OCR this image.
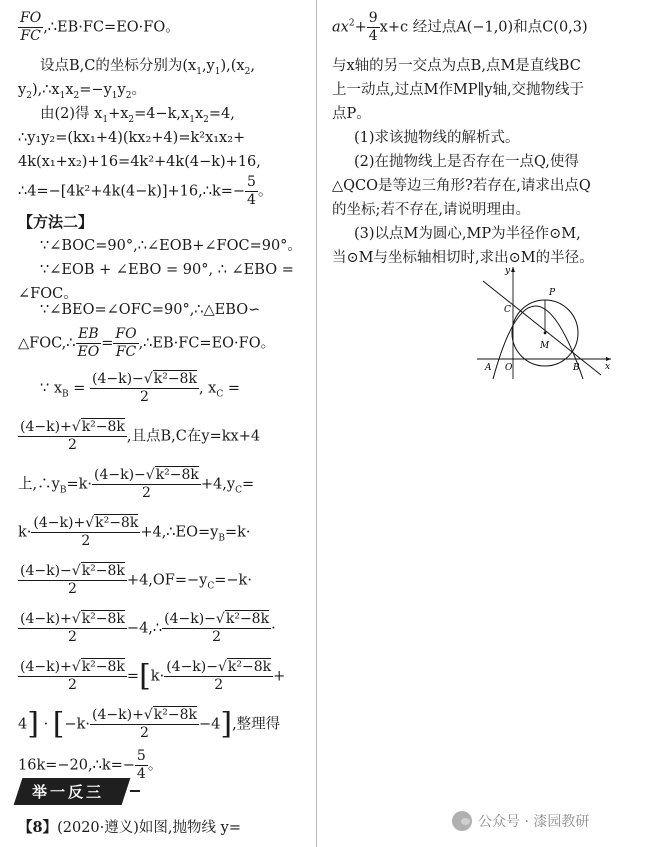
$\frac{FO}{FC}$ ,∴EB·FC=EO·FO。
设点B,C的坐标分别为$(x_1,y_1),(x_2$,
$y_2),\therefore x_1x_2=-y_1y_2$。
由(2)得 $x_1+x_2=4-k,x_1x_2=4$,
∴y₁y₂=(kx₁+4)(kx₂+4)=k²x₁x₂+
4k(x₁+x₂)+16=4k²+4k(4−k)+16,
∴4=−[4k²+4k(4−k)]+16,∴k=− $\frac{5}{4}$ 。
【方法二】
∵∠BOC=90°,∴∠EOB+∠FOC=90°。
∵∠EOB + ∠EBO = 90°, ∴ ∠EBO =
∠FOC。
∵∠BEO=∠OFC=90°,∴△EBO∽
△FOC,∴ $\frac{EB}{EO} = \frac{FO}{FC}$ ,∴EB·FC=EO·FO。
∵ $x_B = \frac{\text{(4−k)−√k²−8k}}{2}$ , $x_C$ =
$\frac{\text{(4−k)+√k²−8k}}{2}$ ,且点B,C在y=kx+4
上$,\therefore y_B=k\cdot \frac{\text{(4−k)−√k²−8k}}{2} +4,y_C=$
$k\cdot \frac{\text{(4−k)+√k²−8k}}{2}$ $+4,\therefore EO=y_B=k\cdot$
$\frac{\text{(4−k)−√k²−8k}}{2} +4,OF=-y_C=-k\cdot$
$\frac{\text{(4−k)+√k²−8k}}{2}$ −4,∴ $\frac{\text{(4−k)−√k²−8k}}{2}$ ·
$\frac{\text{(4−k)+√k²−8k}}{2} =[k\cdot \frac{\text{(4−k)−√k²−8k}}{2}$ +
$4] \cdot [-k\cdot \frac{\text{(4−k)+√k²−8k}}{2} -4]$,整理得
16k=−20,∴k=− $\frac{5}{4}$ 。
举一反三
【8】(2020·遵义)如图,抛物线 y=
$ax^2+ \frac{9}{4} x+c$ 经过点A(−1,0)和点C(0,3)
与x轴的另一交点为点B,点M是直线BC
上一动点,过点M作MP∥y轴,交抛物线于
点P。
(1)求该抛物线的解析式。
(2)在抛物线上是否存在一点Q,使得
△QCO是等边三角形?若存在,请求出点Q
的坐标;若不存在,请说明理由。
(3)以点M为圆心,MP为半径作⊙M,
当⊙M与坐标轴相切时,求出⊙M的半径。
y
x
P
C
M
A O	B
公众号 · 漆园教研
